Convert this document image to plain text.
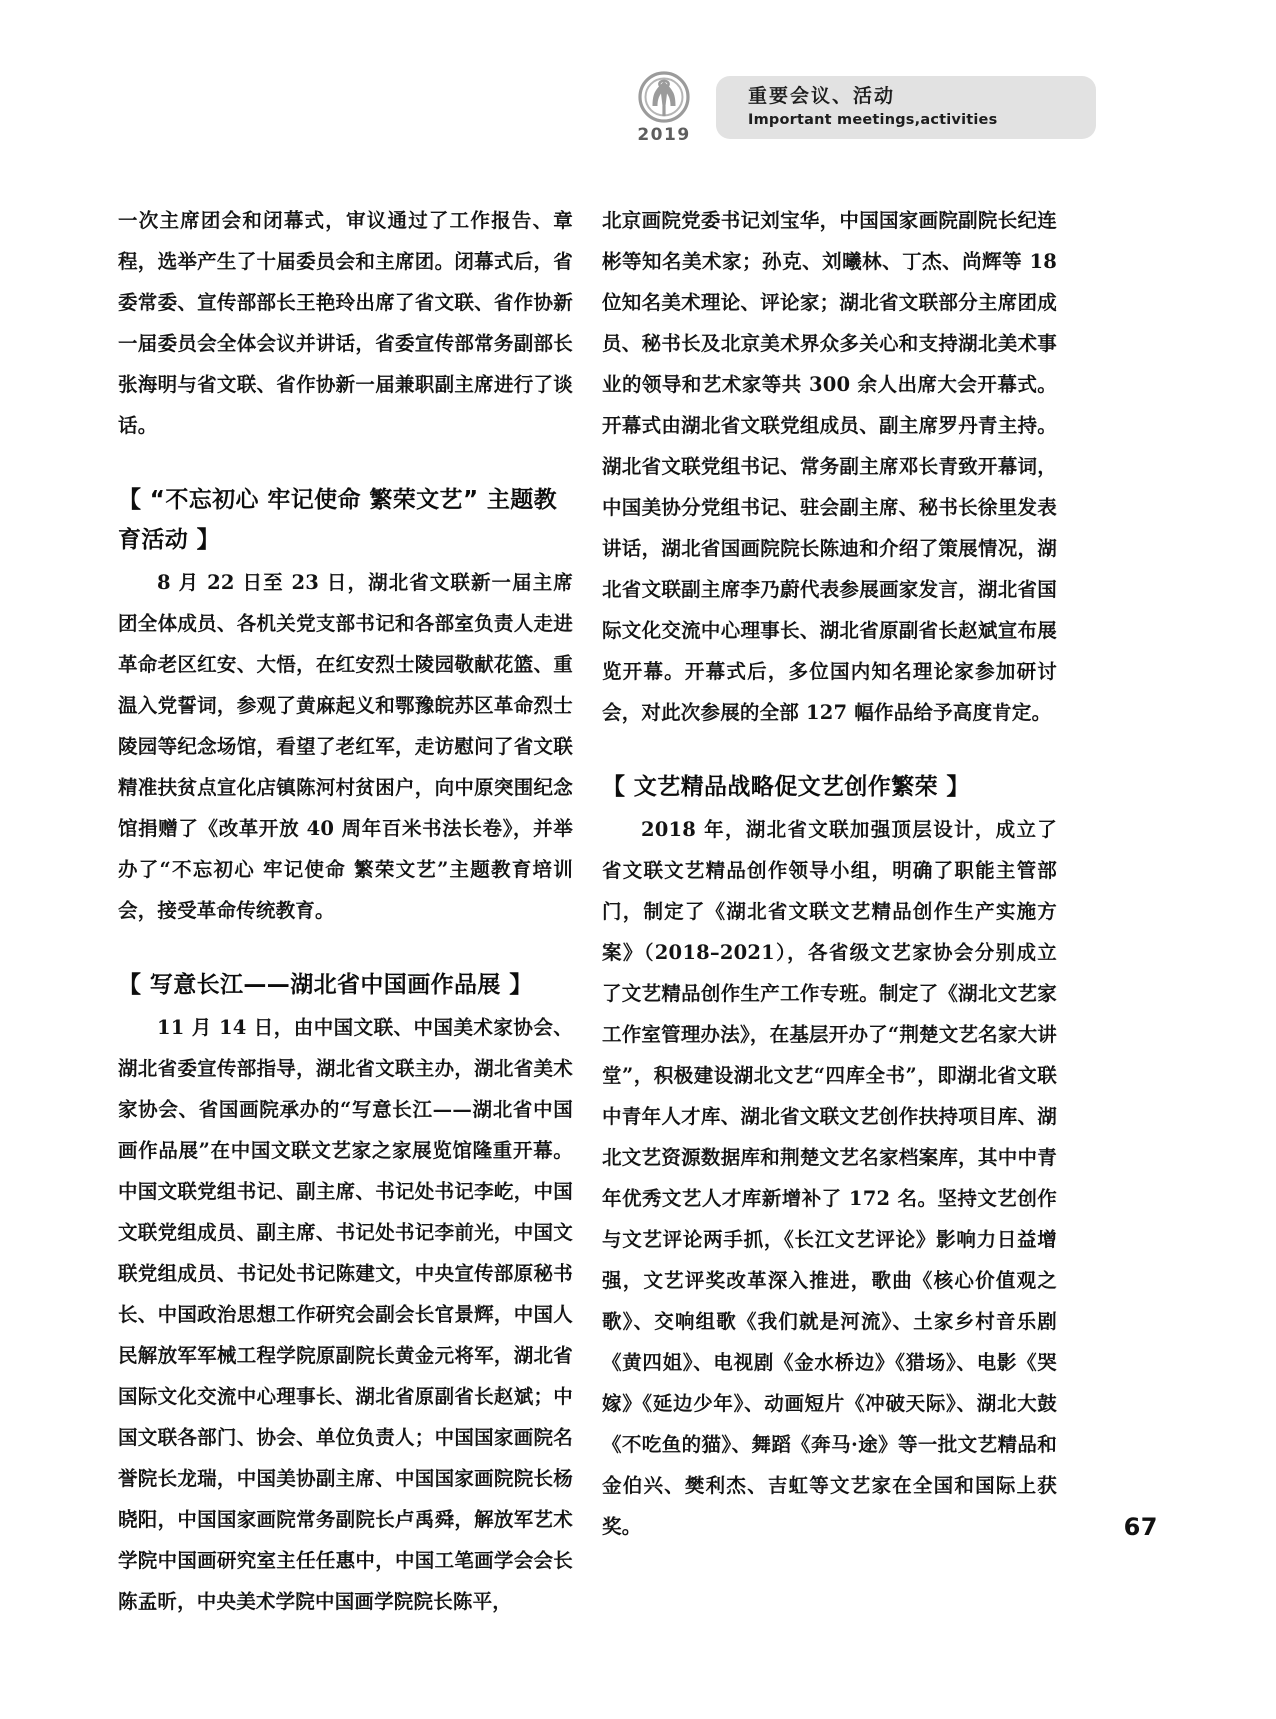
2019
重要会议、活动
Important meetings,activities

一次主席团会和闭幕式，审议通过了工作报告、章程，选举产生了十届委员会和主席团。闭幕式后，省委常委、宣传部部长王艳玲出席了省文联、省作协新一届委员会全体会议并讲话，省委宣传部常务副部长张海明与省文联、省作协新一届兼职副主席进行了谈话。

【 “不忘初心 牢记使命 繁荣文艺” 主题教育活动 】

8 月 22 日至 23 日，湖北省文联新一届主席团全体成员、各机关党支部书记和各部室负责人走进革命老区红安、大悟，在红安烈士陵园敬献花篮、重温入党誓词，参观了黄麻起义和鄂豫皖苏区革命烈士陵园等纪念场馆，看望了老红军，走访慰问了省文联精准扶贫点宣化店镇陈河村贫困户，向中原突围纪念馆捐赠了《改革开放 40 周年百米书法长卷》，并举办了“不忘初心 牢记使命 繁荣文艺”主题教育培训会，接受革命传统教育。

【 写意长江——湖北省中国画作品展 】

11 月 14 日，由中国文联、中国美术家协会、湖北省委宣传部指导，湖北省文联主办，湖北省美术家协会、省国画院承办的“写意长江——湖北省中国画作品展”在中国文联文艺家之家展览馆隆重开幕。中国文联党组书记、副主席、书记处书记李屹，中国文联党组成员、副主席、书记处书记李前光，中国文联党组成员、书记处书记陈建文，中央宣传部原秘书长、中国政治思想工作研究会副会长官景辉，中国人民解放军军械工程学院原副院长黄金元将军，湖北省国际文化交流中心理事长、湖北省原副省长赵斌；中国文联各部门、协会、单位负责人；中国国家画院名誉院长龙瑞，中国美协副主席、中国国家画院院长杨晓阳，中国国家画院常务副院长卢禹舜，解放军艺术学院中国画研究室主任任惠中，中国工笔画学会会长陈孟昕，中央美术学院中国画学院院长陈平，

北京画院党委书记刘宝华，中国国家画院副院长纪连彬等知名美术家；孙克、刘曦林、丁杰、尚辉等 18 位知名美术理论、评论家；湖北省文联部分主席团成员、秘书长及北京美术界众多关心和支持湖北美术事业的领导和艺术家等共 300 余人出席大会开幕式。开幕式由湖北省文联党组成员、副主席罗丹青主持。湖北省文联党组书记、常务副主席邓长青致开幕词，中国美协分党组书记、驻会副主席、秘书长徐里发表讲话，湖北省国画院院长陈迪和介绍了策展情况，湖北省文联副主席李乃蔚代表参展画家发言，湖北省国际文化交流中心理事长、湖北省原副省长赵斌宣布展览开幕。开幕式后，多位国内知名理论家参加研讨会，对此次参展的全部 127 幅作品给予高度肯定。

【 文艺精品战略促文艺创作繁荣 】

2018 年，湖北省文联加强顶层设计，成立了省文联文艺精品创作领导小组，明确了职能主管部门，制定了《湖北省文联文艺精品创作生产实施方案》（2018–2021），各省级文艺家协会分别成立了文艺精品创作生产工作专班。制定了《湖北文艺家工作室管理办法》，在基层开办了“荆楚文艺名家大讲堂”，积极建设湖北文艺“四库全书”，即湖北省文联中青年人才库、湖北省文联文艺创作扶持项目库、湖北文艺资源数据库和荆楚文艺名家档案库，其中中青年优秀文艺人才库新增补了 172 名。坚持文艺创作与文艺评论两手抓，《长江文艺评论》影响力日益增强，文艺评奖改革深入推进，歌曲《核心价值观之歌》、交响组歌《我们就是河流》、土家乡村音乐剧《黄四姐》、电视剧《金水桥边》《猎场》、电影《哭嫁》《延边少年》、动画短片《冲破天际》、湖北大鼓《不吃鱼的猫》、舞蹈《奔马·途》等一批文艺精品和金伯兴、樊利杰、吉虹等文艺家在全国和国际上获奖。	67
